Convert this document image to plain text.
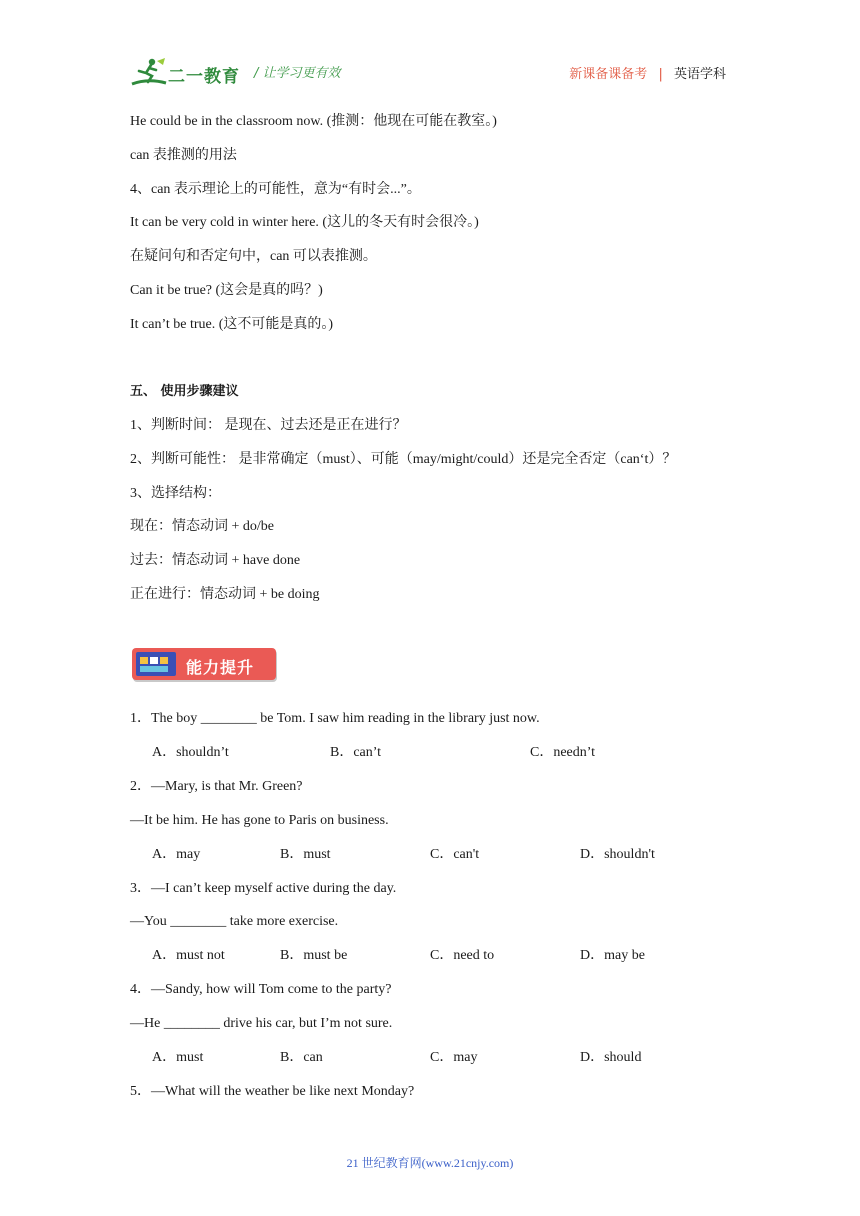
二一教育 / 让学习更有效	新课备课备考 | 英语学科
He could be in the classroom now. (推测：他现在可能在教室。)
can 表推测的用法
4、can 表示理论上的可能性，意为“有时会...”。
It can be very cold in winter here. (这儿的冬天有时会很冷。)
在疑问句和否定句中，can 可以表推测。
Can it be true? (这会是真的吗？)
It can’t be true. (这不可能是真的。)
五、 使用步骤建议
1、判断时间： 是现在、过去还是正在进行？
2、判断可能性： 是非常确定（must）、可能（may/might/could）还是完全否定（can‘t）？
3、选择结构：
现在：情态动词 + do/be
过去：情态动词 + have done
正在进行：情态动词 + be doing
能力提升
1．The boy ________ be Tom. I saw him reading in the library just now.
A．shouldn’t	B．can’t	C．needn’t
2．—Mary, is that Mr. Green?
—It be him. He has gone to Paris on business.
A．may	B．must	C．can't	D．shouldn't
3．—I can’t keep myself active during the day.
—You ________ take more exercise.
A．must not	B．must be	C．need to	D．may be
4．—Sandy, how will Tom come to the party?
—He ________ drive his car, but I’m not sure.
A．must	B．can	C．may	D．should
5．—What will the weather be like next Monday?
21 世纪教育网(www.21cnjy.com)
